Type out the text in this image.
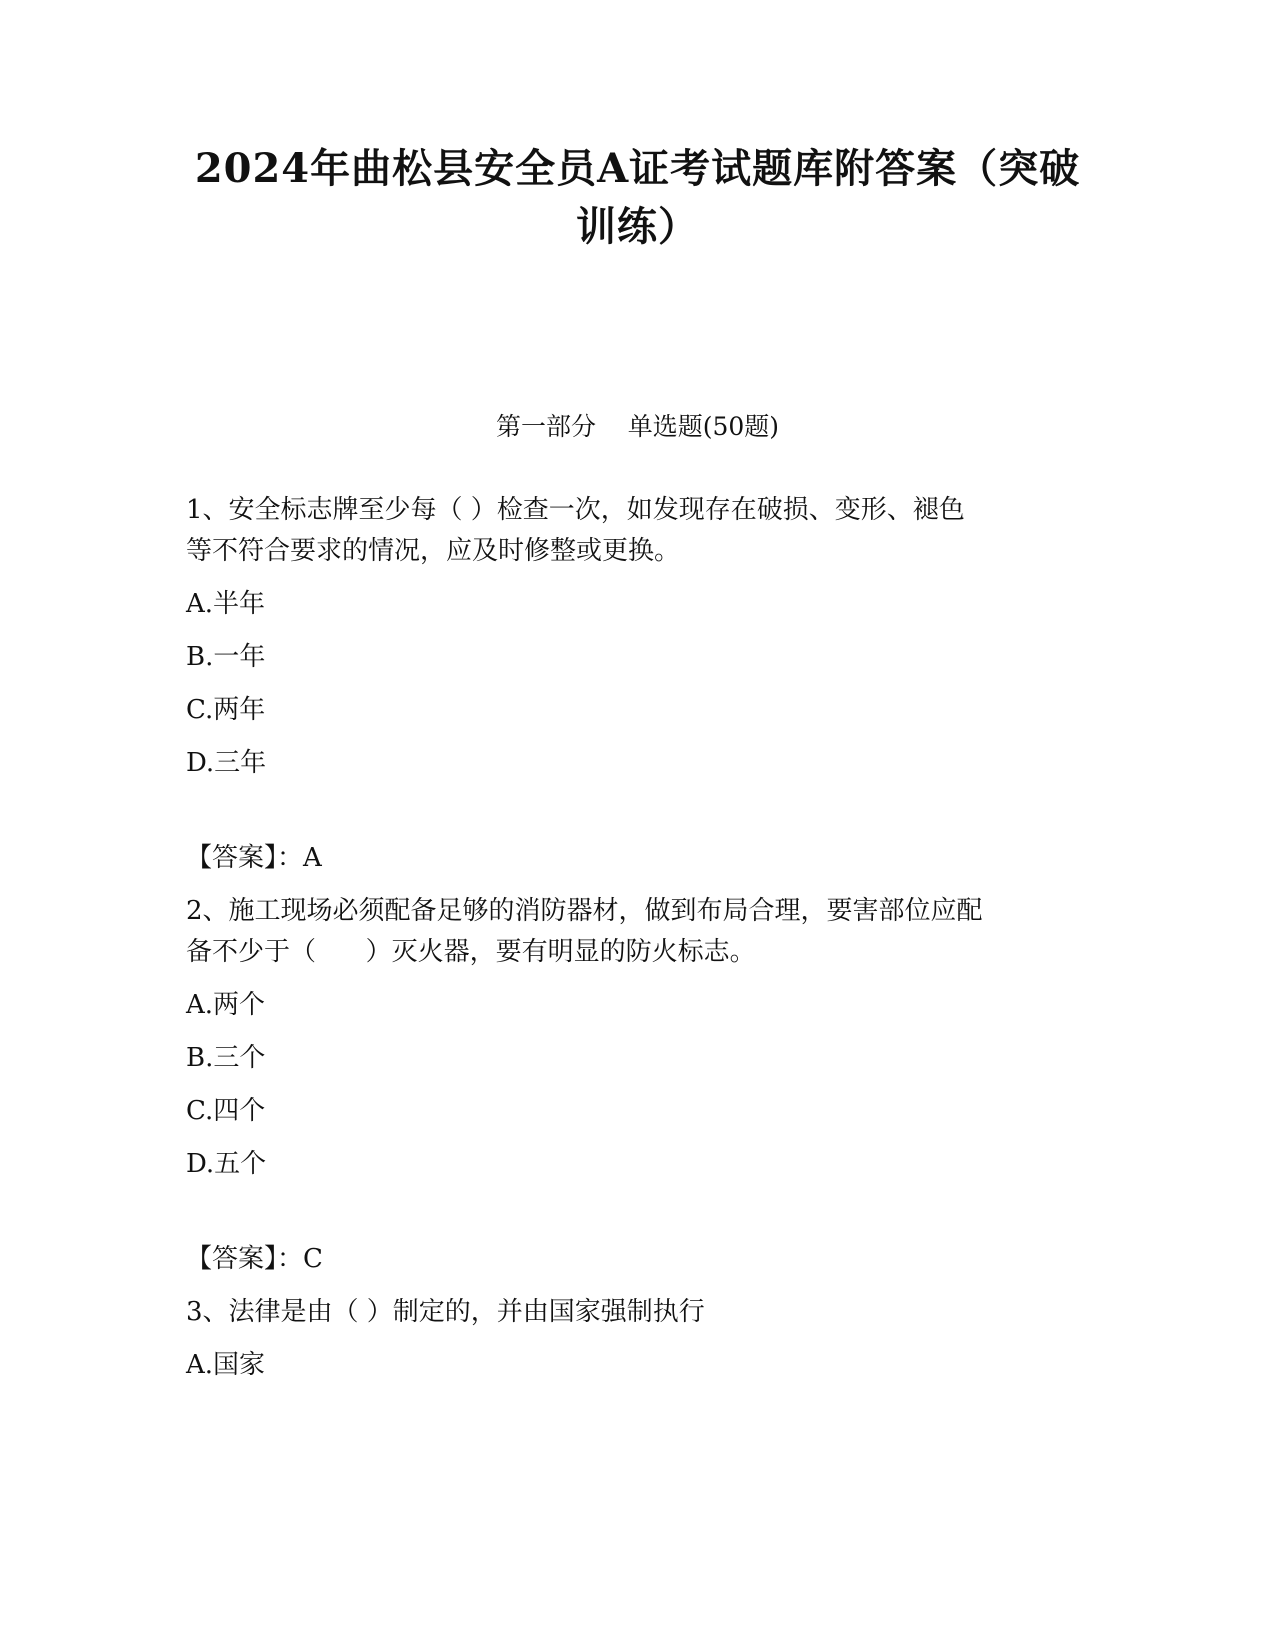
2024年曲松县安全员A证考试题库附答案（突破
训练）
第一部分    单选题(50题)
1、安全标志牌至少每（ ）检查一次，如发现存在破损、变形、褪色
等不符合要求的情况，应及时修整或更换。
A.半年
B.一年
C.两年
D.三年
【答案】：A
2、施工现场必须配备足够的消防器材，做到布局合理，要害部位应配
备不少于（      ）灭火器，要有明显的防火标志。
A.两个
B.三个
C.四个
D.五个
【答案】：C
3、法律是由（ ）制定的，并由国家强制执行
A.国家
